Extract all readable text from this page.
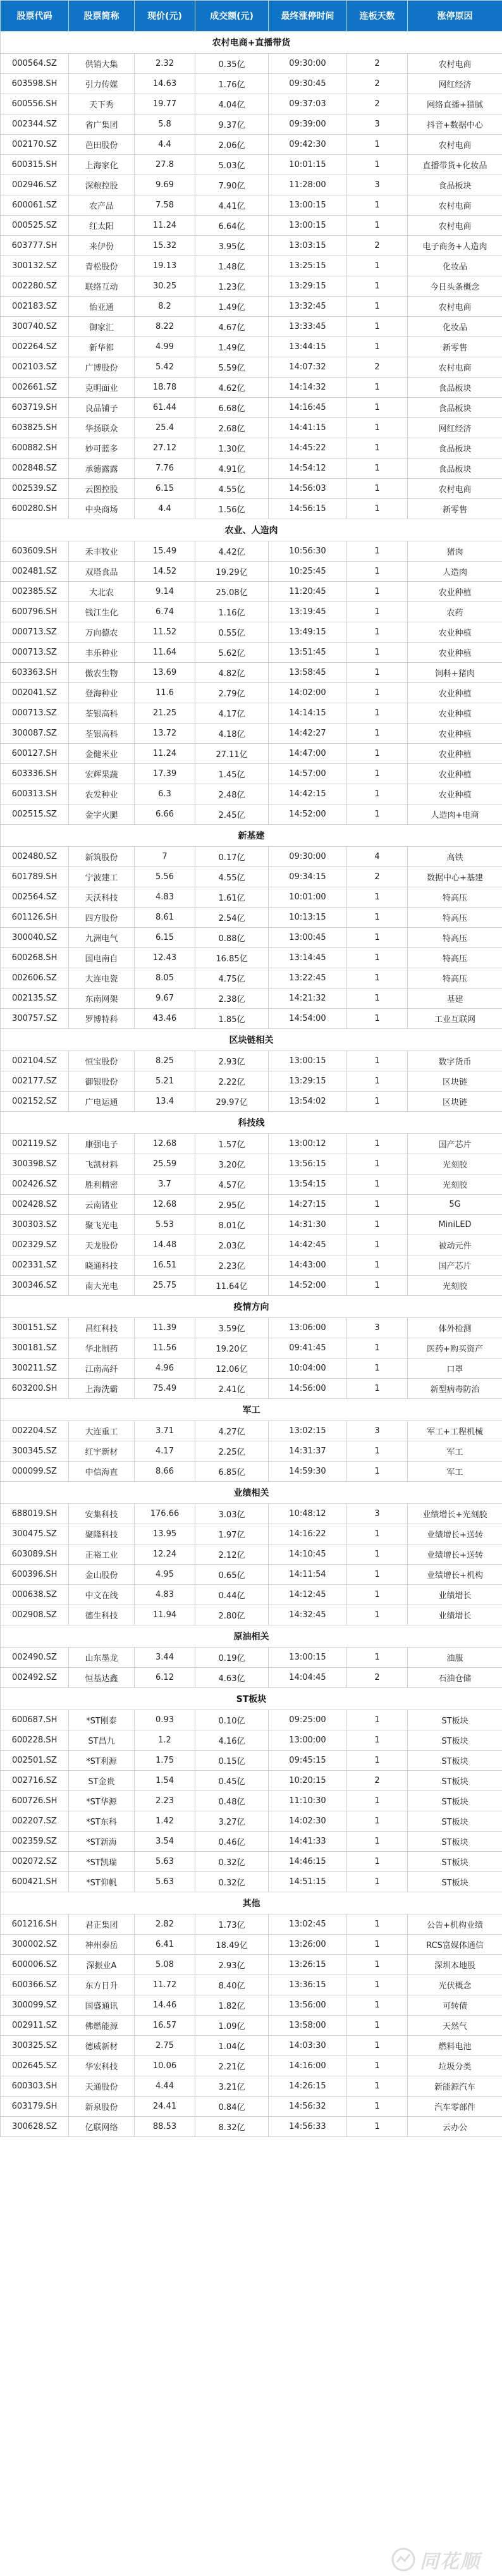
股票代码	股票简称	现价(元)	成交额(元)	最终涨停时间	连板天数	涨停原因
农村电商+直播带货						
000564.SZ	供销大集	2.32	0.35亿	09:30:00	2	农村电商
603598.SH	引力传媒	14.63	1.76亿	09:30:45	2	网红经济
600556.SH	天下秀	19.77	4.04亿	09:37:03	2	网络直播+猫腻
002344.SZ	省广集团	5.8	9.37亿	09:39:00	3	抖音+数据中心
002170.SZ	芭田股份	4.4	2.06亿	09:42:30	1	农村电商
600315.SH	上海家化	27.8	5.03亿	10:01:15	1	直播带货+化妆品
002946.SZ	深粮控股	9.69	7.90亿	11:28:00	3	食品板块
600061.SZ	农产品	7.58	4.41亿	13:00:15	1	农村电商
000525.SZ	红太阳	11.24	6.64亿	13:00:15	1	农村电商
603777.SH	来伊份	15.32	3.95亿	13:03:15	2	电子商务+人造肉
300132.SZ	青松股份	19.13	1.48亿	13:25:15	1	化妆品
002280.SZ	联络互动	30.25	1.23亿	13:29:15	1	今日头条概念
002183.SZ	怡亚通	8.2	1.49亿	13:32:45	1	农村电商
300740.SZ	御家汇	8.22	4.67亿	13:33:45	1	化妆品
002264.SZ	新华都	4.99	1.49亿	13:44:15	1	新零售
002103.SZ	广博股份	5.42	5.59亿	14:07:32	2	农村电商
002661.SZ	克明面业	18.78	4.62亿	14:14:32	1	食品板块
603719.SH	良品铺子	61.44	6.68亿	14:16:45	1	食品板块
603825.SH	华扬联众	25.4	2.68亿	14:41:15	1	网红经济
600882.SH	妙可蓝多	27.12	1.30亿	14:45:22	1	食品板块
002848.SZ	承德露露	7.76	4.91亿	14:54:12	1	食品板块
002539.SZ	云图控股	6.15	4.55亿	14:56:03	1	农村电商
600280.SH	中央商场	4.4	1.56亿	14:56:15	1	新零售
农业、人造肉						
603609.SH	禾丰牧业	15.49	4.42亿	10:56:30	1	猪肉
002481.SZ	双塔食品	14.52	19.29亿	10:25:45	1	人造肉
002385.SZ	大北农	9.14	25.08亿	11:20:45	1	农业种植
600796.SH	钱江生化	6.74	1.16亿	13:19:45	1	农药
000713.SZ	万向德农	11.52	0.55亿	13:49:15	1	农业种植
000713.SZ	丰乐种业	11.64	5.62亿	13:51:45	1	农业种植
603363.SH	傲农生物	13.69	4.82亿	13:58:45	1	饲料+猪肉
002041.SZ	登海种业	11.6	2.79亿	14:02:00	1	农业种植
000713.SZ	荃银高科	21.25	4.17亿	14:14:15	1	农业种植
300087.SZ	荃银高科	13.72	4.18亿	14:42:27	1	农业种植
600127.SH	金健米业	11.24	27.11亿	14:47:00	1	农业种植
603336.SH	宏辉果蔬	17.39	1.45亿	14:57:00	1	农业种植
600313.SH	农发种业	6.3	2.48亿	14:42:15	1	农业种植
002515.SZ	金字火腿	6.66	2.45亿	14:52:00	1	人造肉+电商
新基建						
002480.SZ	新筑股份	7	0.17亿	09:30:00	4	高铁
601789.SH	宁波建工	5.56	4.55亿	09:34:15	2	数据中心+基建
002564.SZ	天沃科技	4.83	1.61亿	10:01:00	1	特高压
601126.SH	四方股份	8.61	2.54亿	10:13:15	1	特高压
300040.SZ	九洲电气	6.15	0.88亿	13:00:45	1	特高压
600268.SH	国电南自	12.43	16.85亿	13:14:45	1	特高压
002606.SZ	大连电瓷	8.05	4.75亿	13:22:45	1	特高压
002135.SZ	东南网架	9.67	2.38亿	14:21:32	1	基建
300757.SZ	罗博特科	43.46	1.85亿	14:54:00	1	工业互联网
区块链相关						
002104.SZ	恒宝股份	8.25	2.93亿	13:00:15	1	数字货币
002177.SZ	御银股份	5.21	2.22亿	13:29:15	1	区块链
002152.SZ	广电运通	13.4	29.97亿	13:54:02	1	区块链
科技线						
002119.SZ	康强电子	12.68	1.57亿	13:00:12	1	国产芯片
300398.SZ	飞凯材料	25.59	3.20亿	13:56:15	1	光刻胶
002426.SZ	胜利精密	3.7	4.57亿	13:54:15	1	光刻胶
002428.SZ	云南锗业	12.68	2.95亿	14:27:15	1	5G
300303.SZ	聚飞光电	5.53	8.01亿	14:31:30	1	MiniLED
002329.SZ	天龙股份	14.48	2.03亿	14:42:45	1	被动元件
002331.SZ	晓通科技	16.51	2.23亿	14:43:00	1	国产芯片
300346.SZ	南大光电	25.75	11.64亿	14:52:00	1	光刻胶
疫情方向						
300151.SZ	昌红科技	11.39	3.59亿	13:06:00	3	体外检测
300181.SZ	华北制药	11.56	19.20亿	09:41:45	1	医药+购买资产
300211.SZ	江南高纤	4.96	12.06亿	10:04:00	1	口罩
603200.SH	上海洗霸	75.49	2.41亿	14:56:00	1	新型病毒防治
军工						
002204.SZ	大连重工	3.71	4.27亿	13:02:15	3	军工+工程机械
300345.SZ	红宇新材	4.17	2.25亿	14:31:37	1	军工
000099.SZ	中信海直	8.66	6.85亿	14:59:30	1	军工
业绩相关						
688019.SH	安集科技	176.66	3.03亿	10:48:12	3	业绩增长+光刻胶
300475.SZ	聚隆科技	13.95	1.97亿	14:16:22	1	业绩增长+送转
603089.SH	正裕工业	12.24	2.12亿	14:10:45	1	业绩增长+送转
600396.SH	金山股份	4.95	0.65亿	14:11:54	1	业绩增长+机构
000638.SZ	中文在线	4.83	0.44亿	14:12:45	1	业绩增长
002908.SZ	德生科技	11.94	2.80亿	14:32:45	1	业绩增长
原油相关						
002490.SZ	山东墨龙	3.44	0.19亿	13:00:15	1	油服
002492.SZ	恒基达鑫	6.12	4.63亿	14:04:45	2	石油仓储
ST板块						
600687.SH	*ST刚泰	0.93	0.10亿	09:25:00	1	ST板块
600228.SH	ST昌九	1.2	4.16亿	13:00:00	1	ST板块
002501.SZ	*ST利源	1.75	0.15亿	09:45:15	1	ST板块
002716.SZ	ST金贵	1.54	0.45亿	10:20:15	2	ST板块
600726.SH	*ST华源	2.23	0.48亿	11:10:30	1	ST板块
002207.SZ	*ST东科	1.42	3.27亿	14:02:30	1	ST板块
002359.SZ	*ST新海	3.54	0.46亿	14:41:33	1	ST板块
002072.SZ	*ST凯瑞	5.63	0.32亿	14:46:15	1	ST板块
600421.SH	*ST仰帆	5.63	0.32亿	14:51:15	1	ST板块
其他						
601216.SH	君正集团	2.82	1.73亿	13:02:45	1	公告+机构业绩
300002.SZ	神州泰岳	6.41	18.49亿	13:26:00	1	RCS富媒体通信
600006.SZ	深振业A	5.08	2.93亿	13:26:15	1	深圳本地股
600366.SZ	东方日升	11.72	8.40亿	13:36:15	1	光伏概念
300099.SZ	国盛通讯	14.46	1.82亿	13:56:00	1	可转债
002911.SZ	佛燃能源	16.57	1.09亿	13:58:00	1	天然气
300325.SZ	德威新材	2.75	1.04亿	14:03:30	1	燃料电池
002645.SZ	华宏科技	10.06	2.21亿	14:16:00	1	垃圾分类
600303.SH	天通股份	4.44	3.21亿	14:26:15	1	新能源汽车
603179.SH	新泉股份	24.41	0.84亿	14:56:32	1	汽车零部件
300628.SZ	亿联网络	88.53	8.32亿	14:56:33	1	云办公
同花顺
